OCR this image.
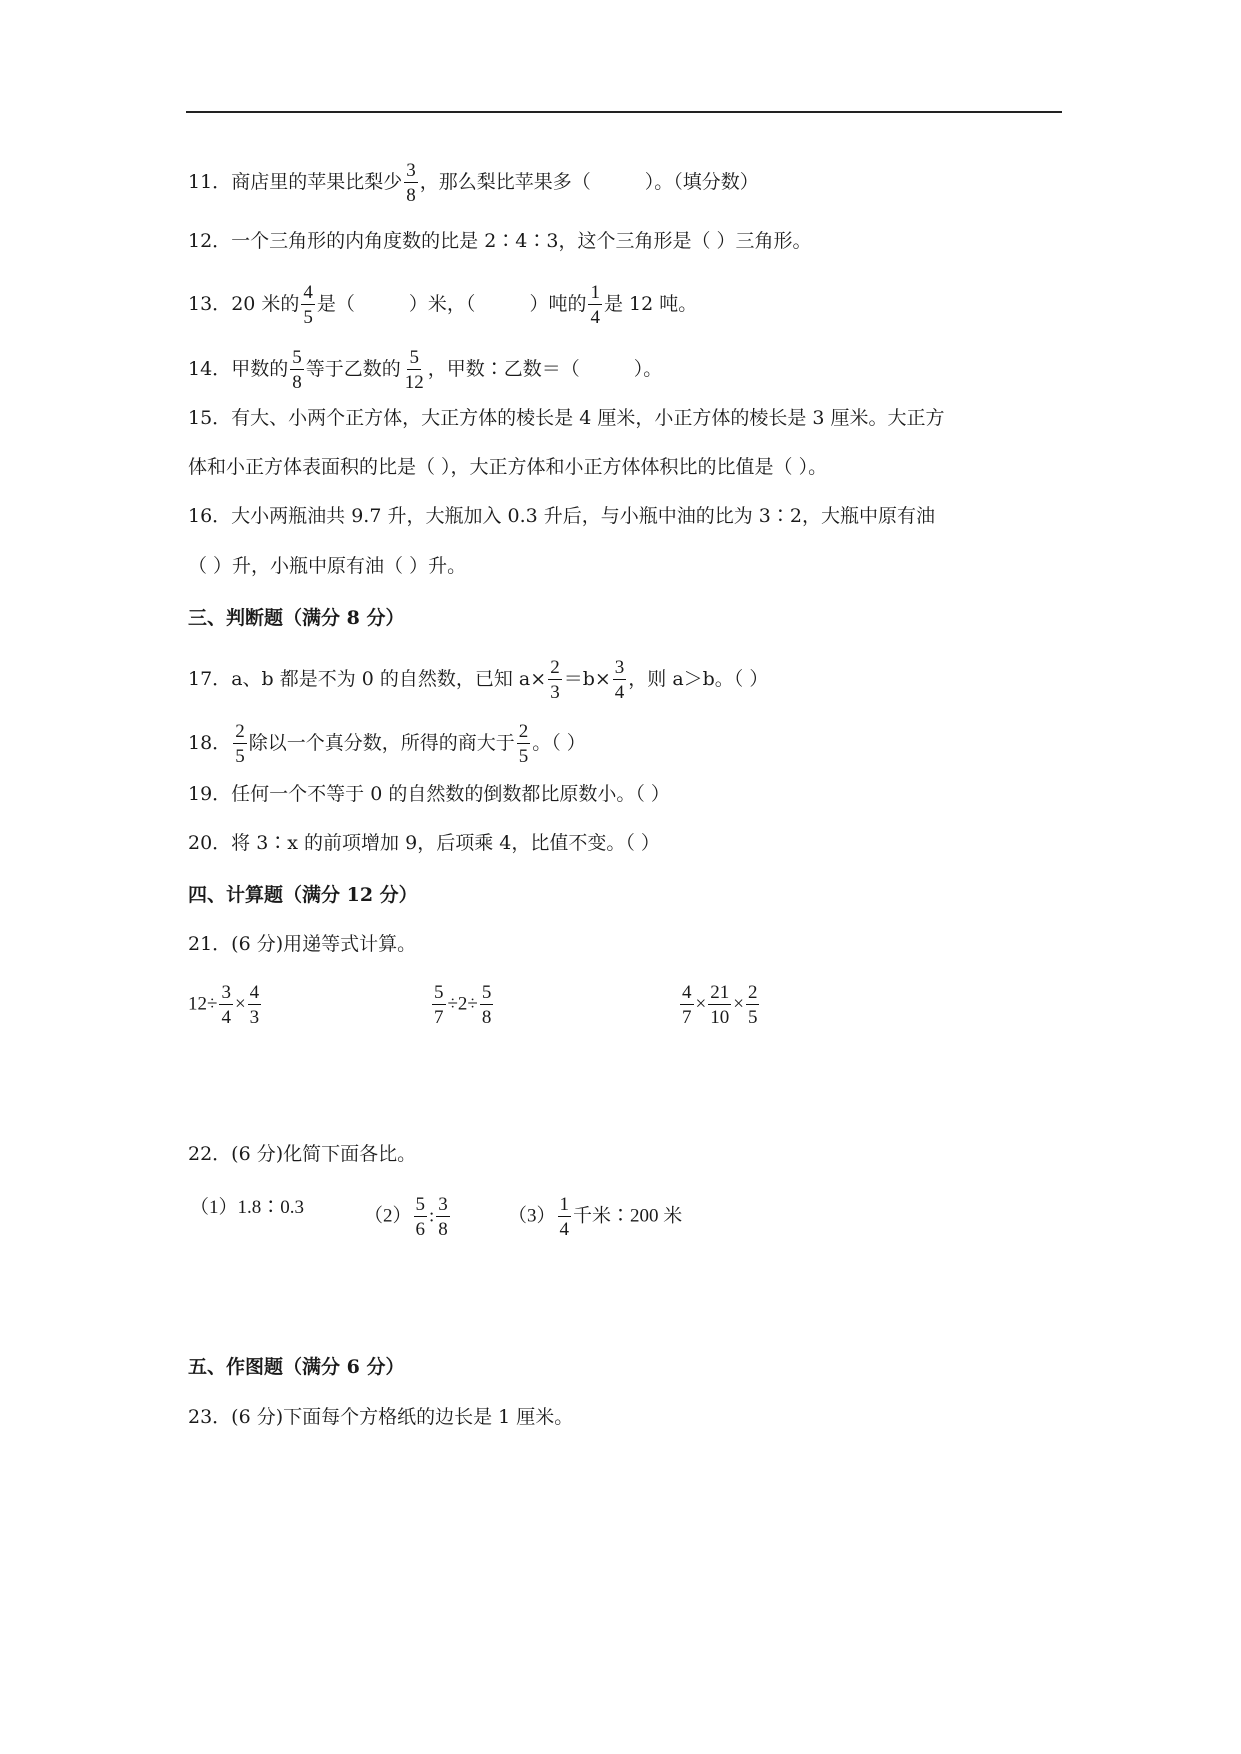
11．商店里的苹果比梨少 $\frac{3}{8}$ ，那么梨比苹果多（	）。（填分数）
12．一个三角形的内角度数的比是 2∶4∶3，这个三角形是（ ）三角形。
13．20 米的 $\frac{4}{5}$ 是（	）米，（	）吨的 $\frac{1}{4}$ 是 12 吨。
14．甲数的 $\frac{5}{8}$ 等于乙数的 $\frac{5}{12}$ ，甲数∶乙数＝（	）。
15．有大、小两个正方体，大正方体的棱长是 4 厘米，小正方体的棱长是 3 厘米。大正方
体和小正方体表面积的比是（ ），大正方体和小正方体体积比的比值是（ ）。
16．大小两瓶油共 9.7 升，大瓶加入 0.3 升后，与小瓶中油的比为 3∶2，大瓶中原有油
（ ）升，小瓶中原有油（ ）升。
三、判断题（满分 8 分）
17．a、b 都是不为 0 的自然数，已知 $a\times \frac{2}{3} =b\times \frac{3}{4}$ ，则 a＞b。（ ）
18． $\frac{2}{5}$ 除以一个真分数，所得的商大于 $\frac{2}{5}$ 。（ ）
19．任何一个不等于 0 的自然数的倒数都比原数小。（ ）
20．将 3∶x 的前项增加 9，后项乘 4，比值不变。（ ）
四、计算题（满分 12 分）
21．(6 分)用递等式计算。
$12\div \frac{3}{4} \times \frac{4}{3}$	$\frac{5}{7} \div 2\div \frac{5}{8}$	$\frac{4}{7} \times \frac{21}{10} \times \frac{2}{5}$
22．(6 分)化简下面各比。
（1）1.8∶0.3	$(2) \frac{5}{6}$ : $\frac{3}{8}$	$(3) \frac{1}{4}$ 千米∶200 米
五、作图题（满分 6 分）
23．(6 分)下面每个方格纸的边长是 1 厘米。
